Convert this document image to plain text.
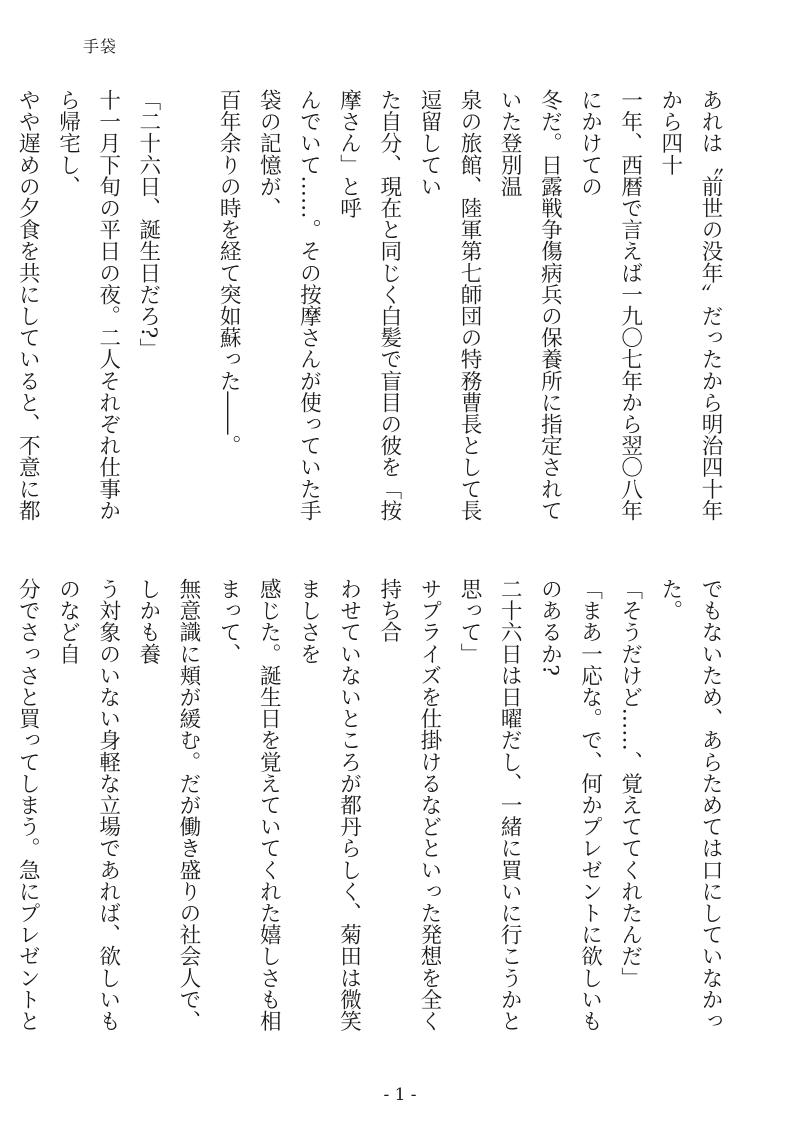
手袋
あれは〝前世の没年〟だったから明治四十年から四十
一年、西暦で言えば一九〇七年から翌〇八年にかけての
冬だ。日露戦争傷病兵の保養所に指定されていた登別温
泉の旅館、陸軍第七師団の特務曹長として長逗留してい
た自分、現在と同じく白髪で盲目の彼を「按摩さん」と呼
んでいて……。その按摩さんが使っていた手袋の記憶が、
百年余りの時を経て突如蘇った――。
「二十六日、誕生日だろ?」
十一月下旬の平日の夜。二人それぞれ仕事から帰宅し、
やや遅めの夕食を共にしていると、不意に都
でもないため、あらためては口にしていなかった。
「そうだけど……、覚えててくれたんだ」
「まあ一応な。で、何かプレゼントに欲しいものあるか?
二十六日は日曜だし、一緒に買いに行こうかと思って」
サプライズを仕掛けるなどといった発想を全く持ち合
わせていないところが都丹らしく、菊田は微笑ましさを
感じた。誕生日を覚えていてくれた嬉しさも相まって、
無意識に頬が緩む。だが働き盛りの社会人で、しかも養
う対象のいない身軽な立場であれば、欲しいものなど自
分でさっさと買ってしまう。急にプレゼントと
- 1 -
